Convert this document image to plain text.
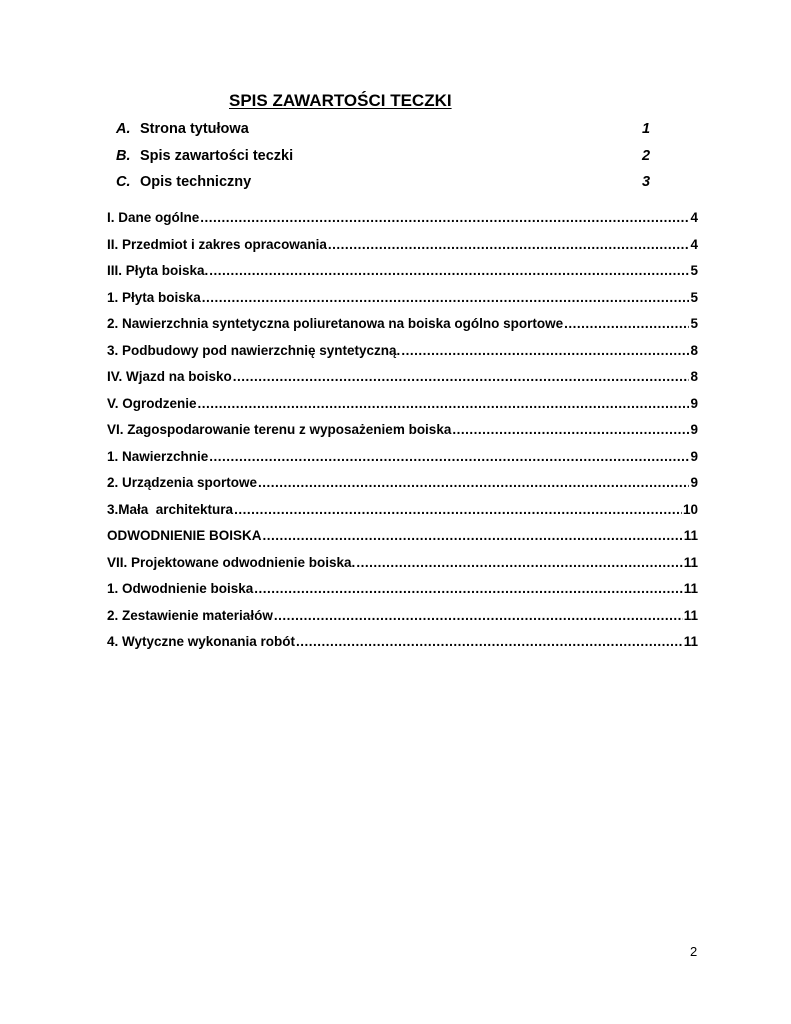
SPIS ZAWARTOŚCI TECZKI
A. Strona tytułowa	1
B. Spis zawartości teczki	2
C. Opis techniczny	3
I. Dane ogólne .....	4
II. Przedmiot i zakres opracowania .....	4
III. Płyta boiska. .....	5
1. Płyta boiska .....	5
2. Nawierzchnia syntetyczna poliuretanowa na boiska ogólno sportowe .....	5
3. Podbudowy pod nawierzchnię syntetyczną. .....	8
IV. Wjazd na boisko .....	8
V. Ogrodzenie .....	9
VI. Zagospodarowanie terenu z wyposażeniem boiska .....	9
1. Nawierzchnie .....	9
2. Urządzenia sportowe .....	9
3.Mała  architektura .....	10
ODWODNIENIE BOISKA .....	11
VII. Projektowane odwodnienie boiska. .....	11
1. Odwodnienie boiska .....	11
2. Zestawienie materiałów .....	11
4. Wytyczne wykonania robót .....	11
2
